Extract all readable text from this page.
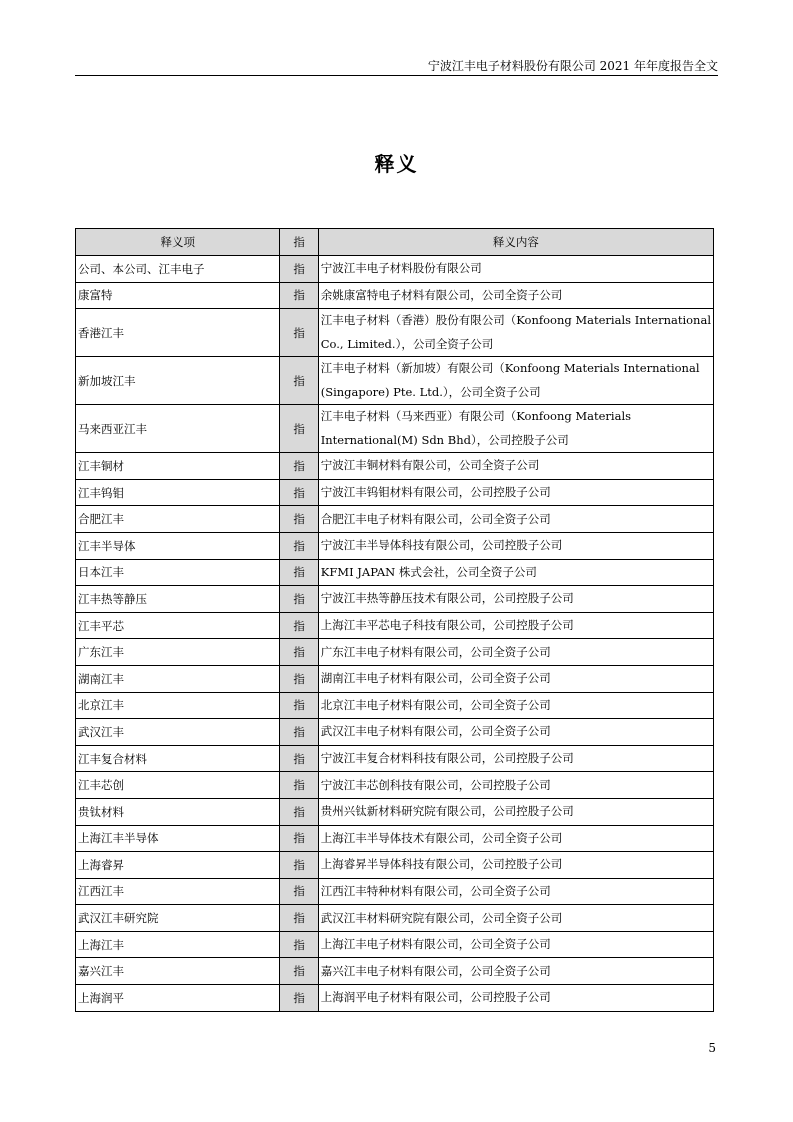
宁波江丰电子材料股份有限公司 2021 年年度报告全文
释义
释义项	指	释义内容
公司、本公司、江丰电子	指	宁波江丰电子材料股份有限公司

康富特	指	余姚康富特电子材料有限公司，公司全资子公司

香港江丰	指	江丰电子材料（香港）股份有限公司（Konfoong Materials International
Co., Limited.），公司全资子公司

新加坡江丰	指	江丰电子材料（新加坡）有限公司（Konfoong Materials International
(Singapore) Pte. Ltd.），公司全资子公司

马来西亚江丰	指	江丰电子材料（马来西亚）有限公司（Konfoong Materials
International(M) Sdn Bhd），公司控股子公司

江丰铜材	指	宁波江丰铜材料有限公司，公司全资子公司

江丰钨钼	指	宁波江丰钨钼材料有限公司，公司控股子公司

合肥江丰	指	合肥江丰电子材料有限公司，公司全资子公司

江丰半导体	指	宁波江丰半导体科技有限公司，公司控股子公司

日本江丰	指	KFMI JAPAN 株式会社，公司全资子公司

江丰热等静压	指	宁波江丰热等静压技术有限公司，公司控股子公司

江丰平芯	指	上海江丰平芯电子科技有限公司，公司控股子公司

广东江丰	指	广东江丰电子材料有限公司，公司全资子公司

湖南江丰	指	湖南江丰电子材料有限公司，公司全资子公司

北京江丰	指	北京江丰电子材料有限公司，公司全资子公司

武汉江丰	指	武汉江丰电子材料有限公司，公司全资子公司

江丰复合材料	指	宁波江丰复合材料科技有限公司，公司控股子公司

江丰芯创	指	宁波江丰芯创科技有限公司，公司控股子公司

贵钛材料	指	贵州兴钛新材料研究院有限公司，公司控股子公司

上海江丰半导体	指	上海江丰半导体技术有限公司，公司全资子公司

上海睿昇	指	上海睿昇半导体科技有限公司，公司控股子公司

江西江丰	指	江西江丰特种材料有限公司，公司全资子公司

武汉江丰研究院	指	武汉江丰材料研究院有限公司，公司全资子公司

上海江丰	指	上海江丰电子材料有限公司，公司全资子公司

嘉兴江丰	指	嘉兴江丰电子材料有限公司，公司全资子公司

上海润平	指	上海润平电子材料有限公司，公司控股子公司
5
